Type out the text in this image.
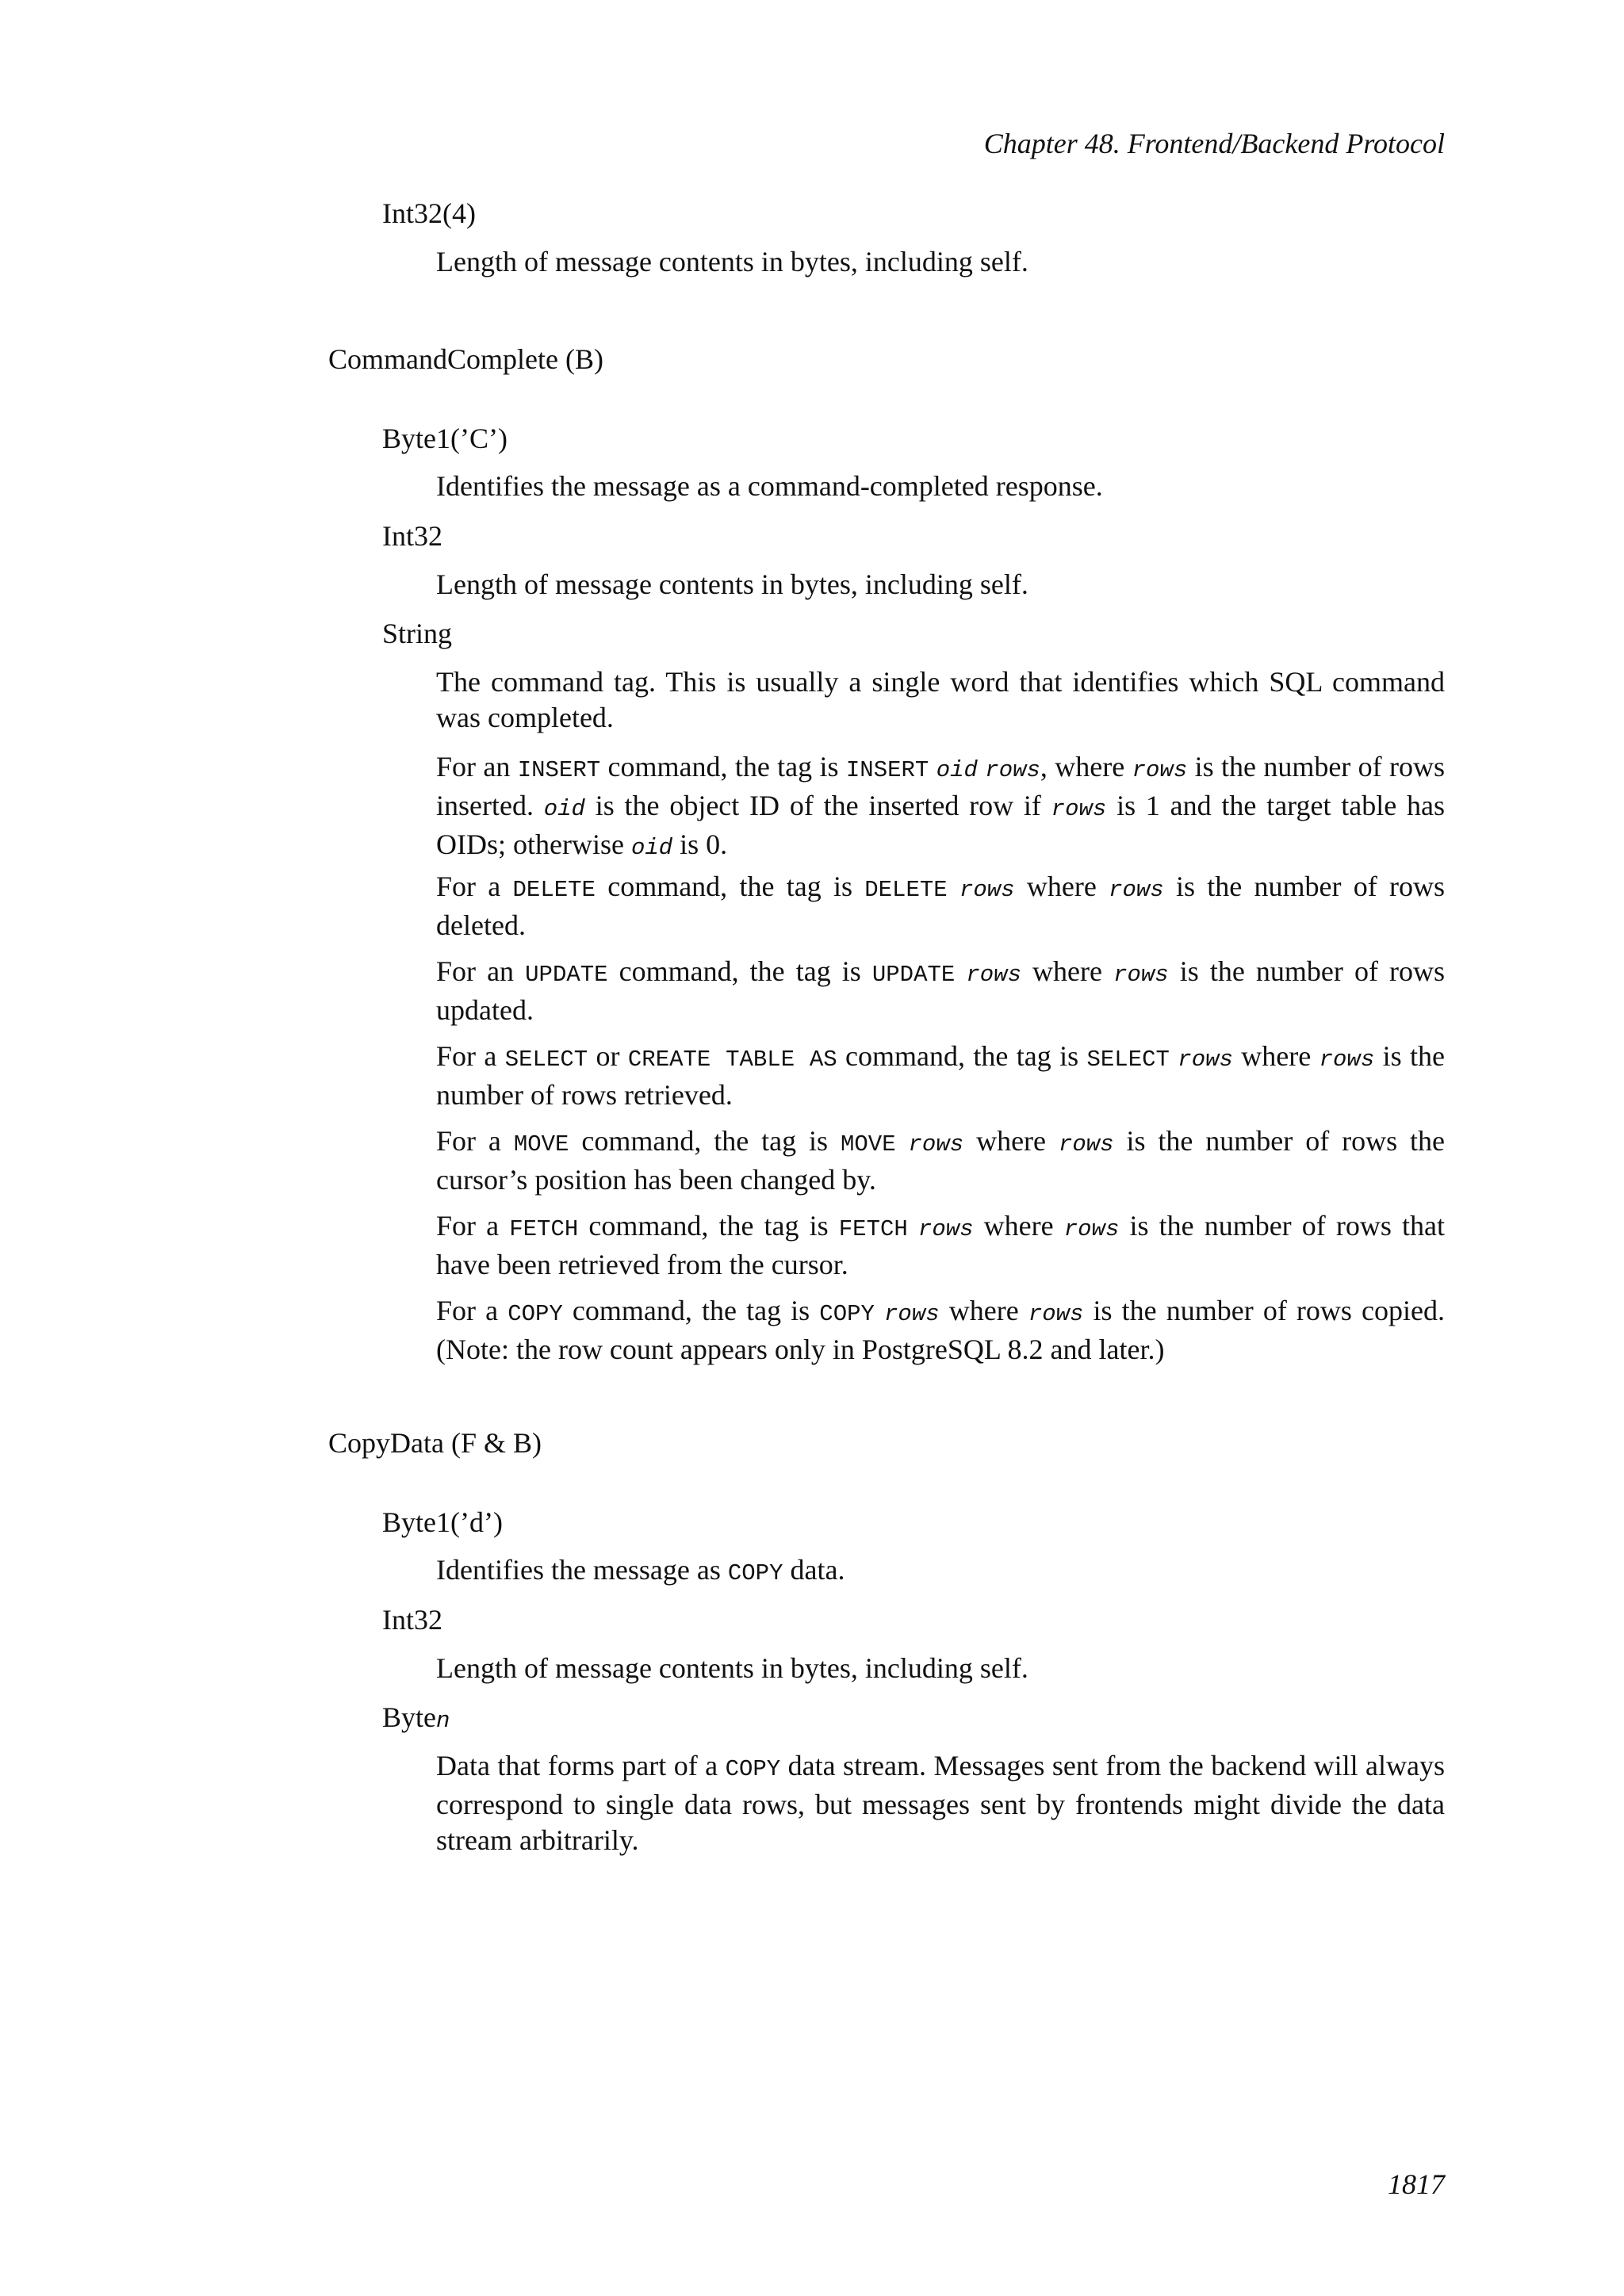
Chapter 48. Frontend/Backend Protocol
Int32(4)

Length of message contents in bytes, including self.

CommandComplete (B)
Byte1(’C’)

Identifies the message as a command-completed response.

Int32

Length of message contents in bytes, including self.

String

The command tag. This is usually a single word that identifies which SQL command was completed.

For an INSERT command, the tag is INSERT oid rows, where rows is the number of rows inserted. oid is the object ID of the inserted row if rows is 1 and the target table has OIDs; otherwise oid is 0.

For a DELETE command, the tag is DELETE rows where rows is the number of rows deleted.

For an UPDATE command, the tag is UPDATE rows where rows is the number of rows updated.

For a SELECT or CREATE TABLE AS command, the tag is SELECT rows where rows is the number of rows retrieved.

For a MOVE command, the tag is MOVE rows where rows is the number of rows the cursor’s position has been changed by.

For a FETCH command, the tag is FETCH rows where rows is the number of rows that have been retrieved from the cursor.

For a COPY command, the tag is COPY rows where rows is the number of rows copied. (Note: the row count appears only in PostgreSQL 8.2 and later.)

CopyData (F & B)
Byte1(’d’)

Identifies the message as COPY data.

Int32

Length of message contents in bytes, including self.

Byten

Data that forms part of a COPY data stream. Messages sent from the backend will always correspond to single data rows, but messages sent by frontends might divide the data stream arbitrarily.

1817
